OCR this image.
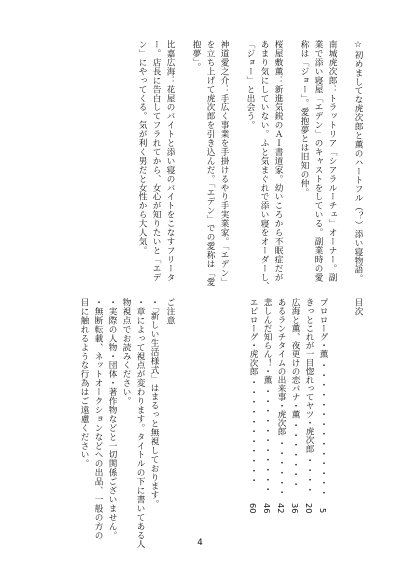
☆初めましてな虎次郎と薫のハートフル（？）添い寝物語。
南城虎次郎：トラットリア「シアラルーチェ」オーナー。副
業で添い寝屋「エデン」のキャストをしている。副業時の愛
称は「ジョー」。愛抱夢とは旧知の仲。
桜屋敷薫：新進気鋭のＡＩ書道家。幼いころから不眠症だが
あまり気にしていない。ふと気まぐれで添い寝をオーダーし、
「ジョー」と出会う。
神道愛之介：手広く事業を手掛けるやり手実業家。「エデン」
を立ち上げて虎次郎を引き込んだ。「エデン」での愛称は「愛
抱夢」。
比嘉広海：花屋のバイトと添い寝のバイトをこなすフリータ
ー。店長に告白してフラれてから、女心が知りたいと「エデ
ン」にやってくる。気が利く男だと女性から大人気。
目次
プロローグ・薫
5
・・・・・・・・・・・・・・
きっとこれが一目惚れってヤツ・虎次郎
20
・・・・
広海と薫、夜更けの恋バナ・薫
36
・・・・・・・
あるランチタイムの出来事・虎次郎
42
・・・・・・
悲しんだ知らん！・薫
46
・・・・・・・・・・・
エピローグ・虎次郎
60
・・・・・・・・・・・
ご注意
・「新しい生活様式」はまるっと無視しております。
・章によって視点が変わります。タイトルの下に書いてある人
物視点でお読みください。
・実際の人物・団体・著作物などと一切関係ございません。
・無断転載、ネットオークションなどへの出品、一般の方の
目に触れるような行為はご遠慮ください。
4
